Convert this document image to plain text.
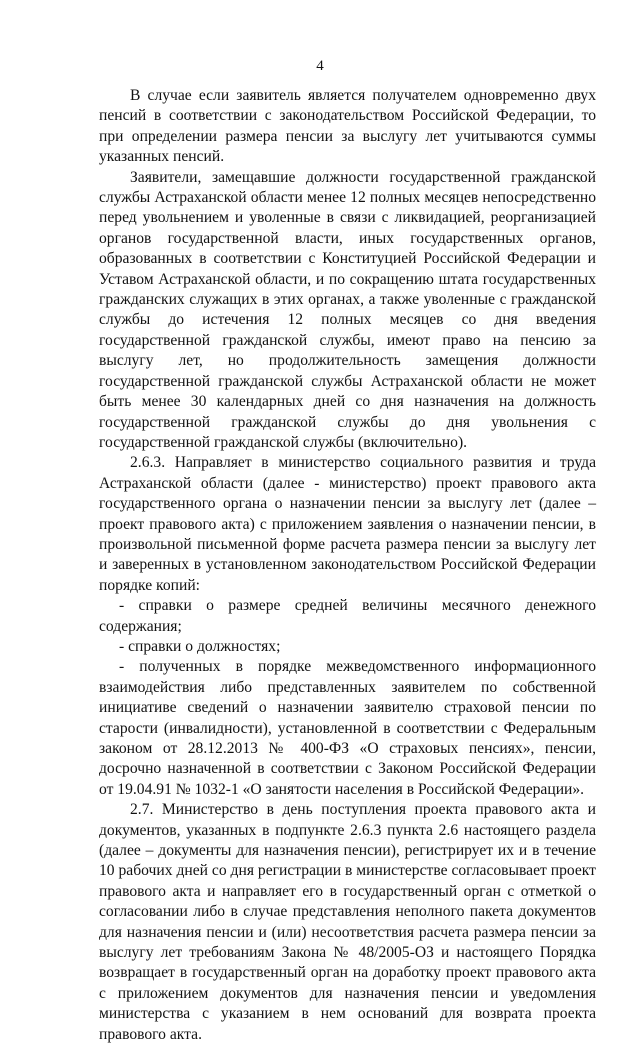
4

В случае если заявитель является получателем одновременно двух пенсий в соответствии с законодательством Российской Федерации, то при определении размера пенсии за выслугу лет учитываются суммы указанных пенсий.

Заявители, замещавшие должности государственной гражданской службы Астраханской области менее 12 полных месяцев непосредственно перед увольнением и уволенные в связи с ликвидацией, реорганизацией органов государственной власти, иных государственных органов, образованных в соответствии с Конституцией Российской Федерации и Уставом Астраханской области, и по сокращению штата государственных гражданских служащих в этих органах, а также уволенные с гражданской службы до истечения 12 полных месяцев со дня введения государственной гражданской службы, имеют право на пенсию за выслугу лет, но продолжительность замещения должности государственной гражданской службы Астраханской области не может быть менее 30 календарных дней со дня назначения на должность государственной гражданской службы до дня увольнения с государственной гражданской службы (включительно).

2.6.3. Направляет в министерство социального развития и труда Астраханской области (далее - министерство) проект правового акта государственного органа о назначении пенсии за выслугу лет (далее – проект правового акта) с приложением заявления о назначении пенсии, в произвольной письменной форме расчета размера пенсии за выслугу лет и заверенных в установленном законодательством Российской Федерации порядке копий:

- справки о размере средней величины месячного денежного содержания;

- справки о должностях;

- полученных в порядке межведомственного информационного взаимодействия либо представленных заявителем по собственной инициативе сведений о назначении заявителю страховой пенсии по старости (инвалидности), установленной в соответствии с Федеральным законом от 28.12.2013 № 400-ФЗ «О страховых пенсиях», пенсии, досрочно назначенной в соответствии с Законом Российской Федерации от 19.04.91 № 1032-1 «О занятости населения в Российской Федерации».

2.7. Министерство в день поступления проекта правового акта и документов, указанных в подпункте 2.6.3 пункта 2.6 настоящего раздела (далее – документы для назначения пенсии), регистрирует их и в течение 10 рабочих дней со дня регистрации в министерстве согласовывает проект правового акта и направляет его в государственный орган с отметкой о согласовании либо в случае представления неполного пакета документов для назначения пенсии и (или) несоответствия расчета размера пенсии за выслугу лет требованиям Закона № 48/2005-ОЗ и настоящего Порядка возвращает в государственный орган на доработку проект правового акта с приложением документов для назначения пенсии и уведомления министерства с указанием в нем оснований для возврата проекта правового акта.
